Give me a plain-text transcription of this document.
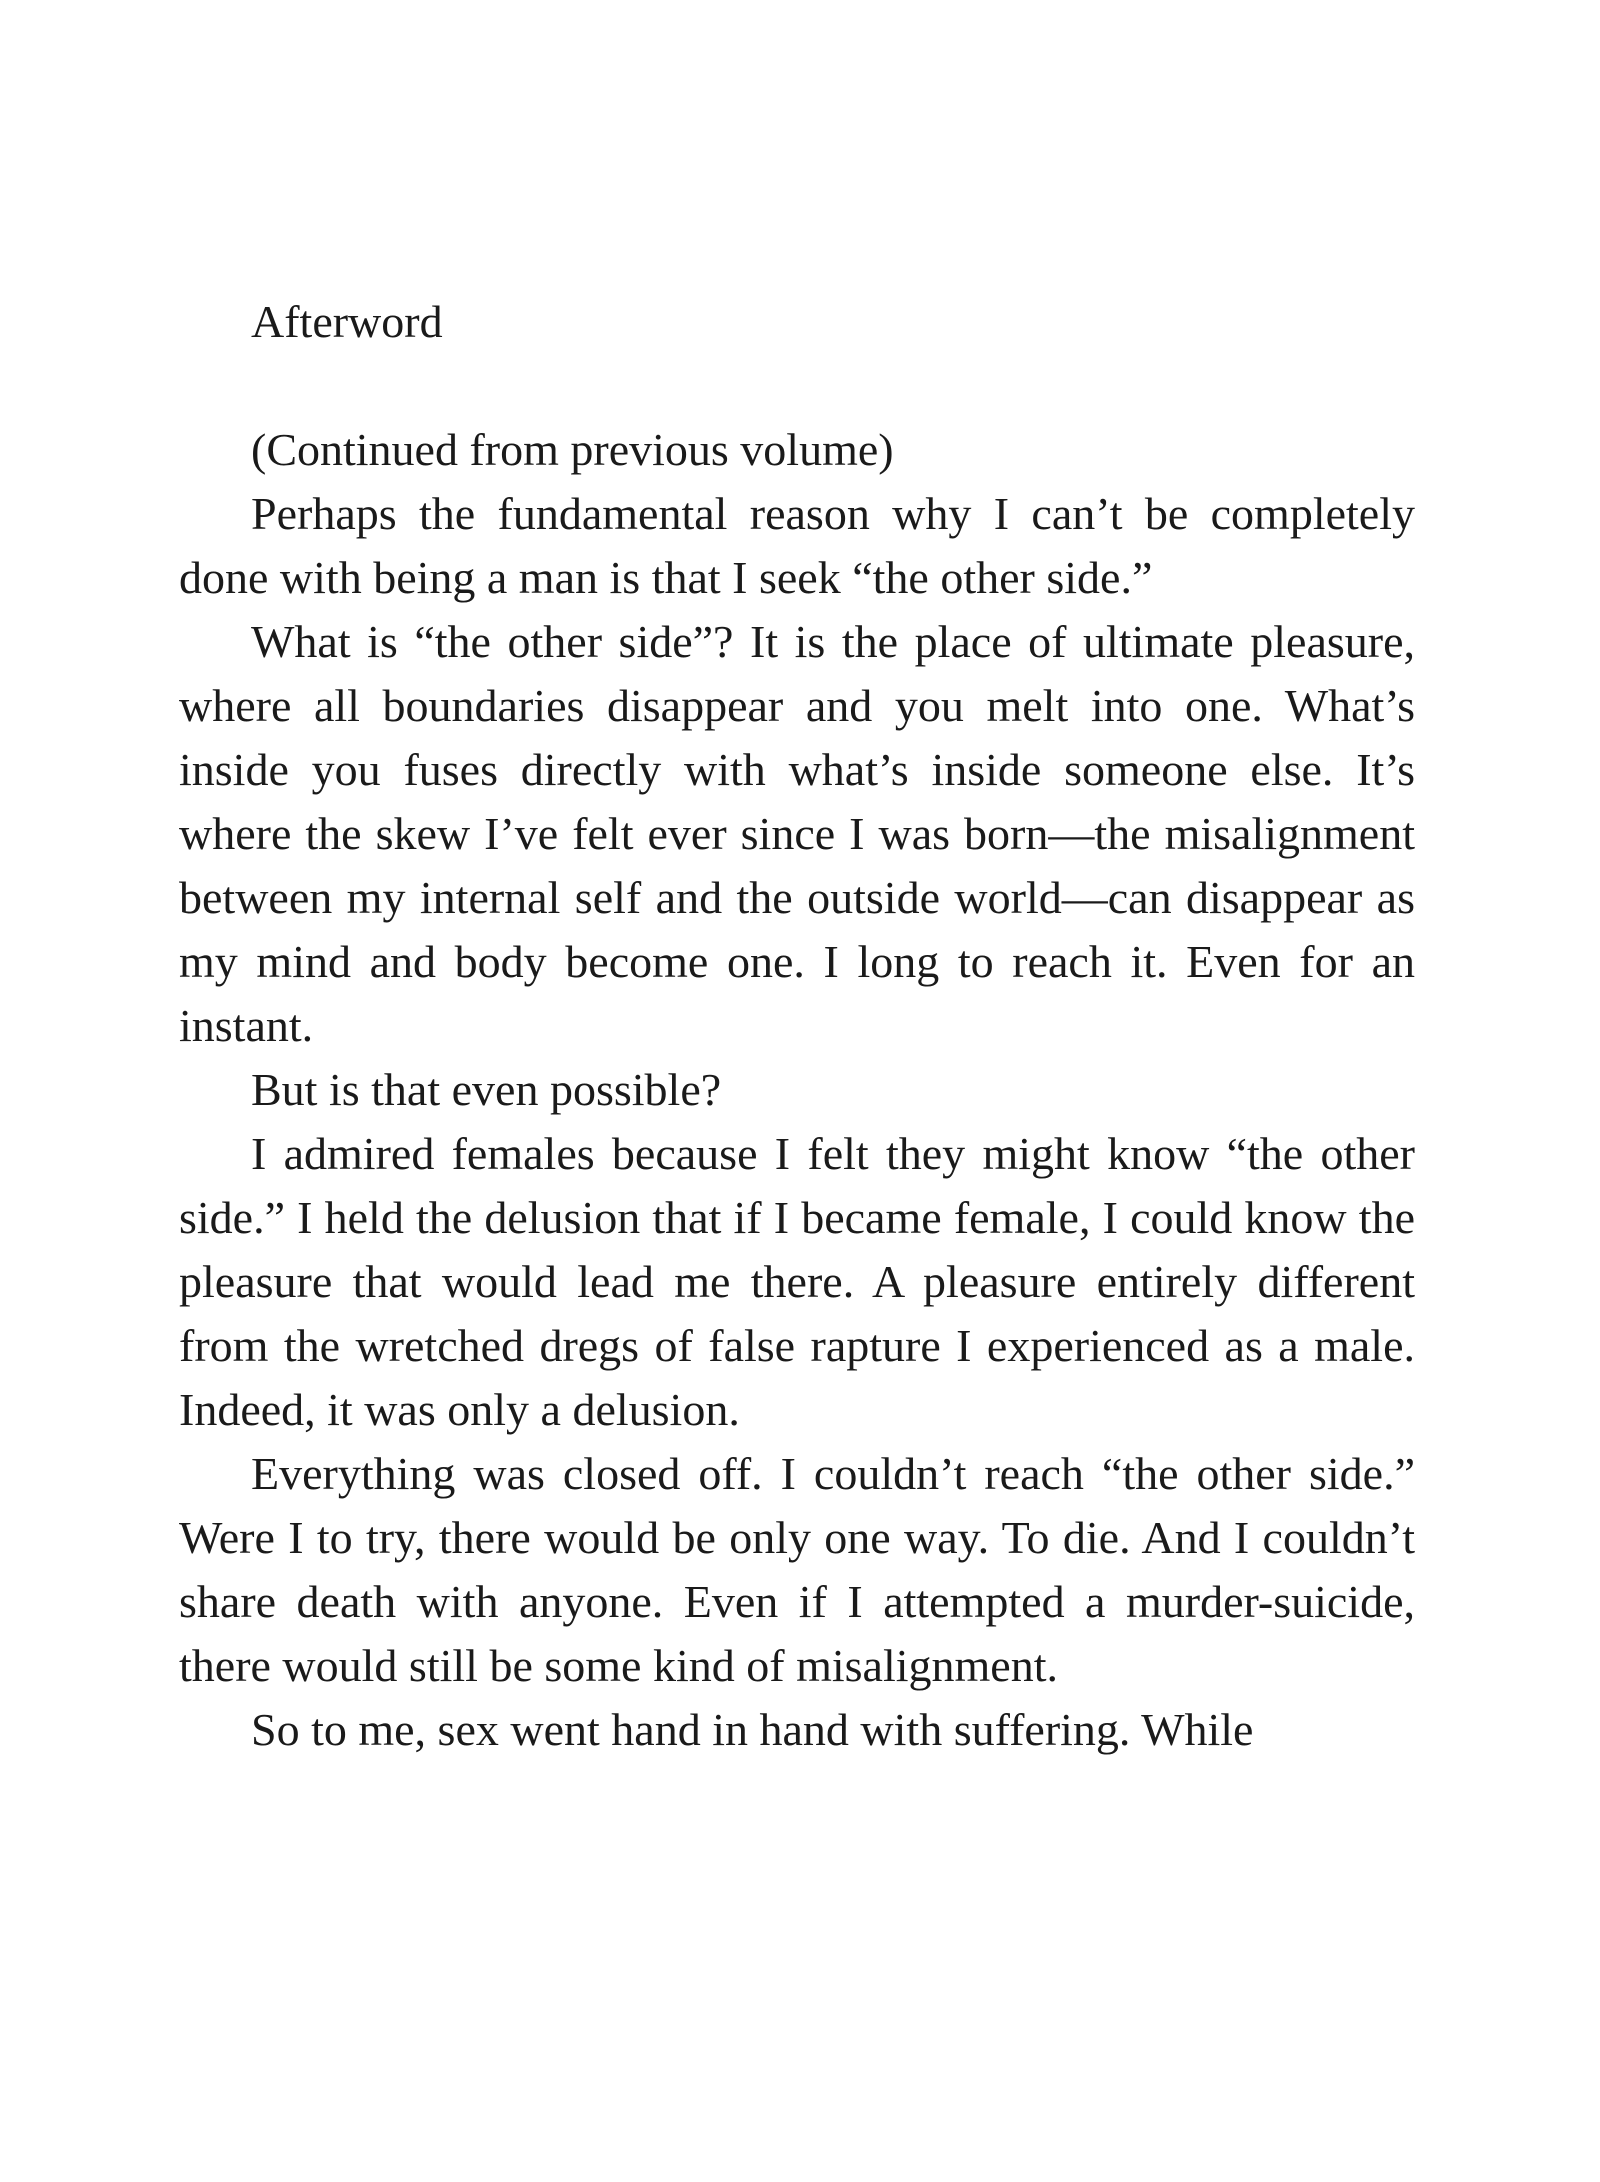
Afterword

(Continued from previous volume)

Perhaps the fundamental reason why I can’t be completely done with being a man is that I seek “the other side.”

What is “the other side”? It is the place of ultimate pleasure, where all boundaries disappear and you melt into one. What’s inside you fuses directly with what’s inside someone else. It’s where the skew I’ve felt ever since I was born—the misalignment between my internal self and the outside world—can disappear as my mind and body become one. I long to reach it. Even for an instant.

But is that even possible?

I admired females because I felt they might know “the other side.” I held the delusion that if I became female, I could know the pleasure that would lead me there. A pleasure entirely different from the wretched dregs of false rapture I experienced as a male. Indeed, it was only a delusion.

Everything was closed off. I couldn’t reach “the other side.” Were I to try, there would be only one way. To die. And I couldn’t share death with anyone. Even if I attempted a murder-suicide, there would still be some kind of misalignment.

So to me, sex went hand in hand with suffering. While
